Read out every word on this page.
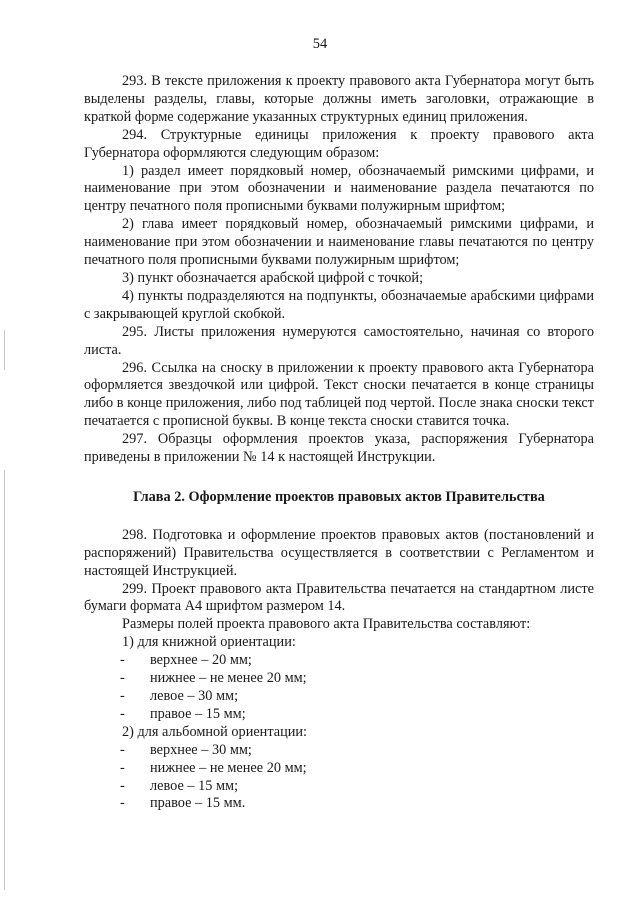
54

293. В тексте приложения к проекту правового акта Губернатора могут быть выделены разделы, главы, которые должны иметь заголовки, отражающие в краткой форме содержание указанных структурных единиц приложения.

294. Структурные единицы приложения к проекту правового акта Губернатора оформляются следующим образом:

1) раздел имеет порядковый номер, обозначаемый римскими цифрами, и наименование при этом обозначении и наименование раздела печатаются по центру печатного поля прописными буквами полужирным шрифтом;

2) глава имеет порядковый номер, обозначаемый римскими цифрами, и наименование при этом обозначении и наименование главы печатаются по центру печатного поля прописными буквами полужирным шрифтом;

3) пункт обозначается арабской цифрой с точкой;

4) пункты подразделяются на подпункты, обозначаемые арабскими цифрами с закрывающей круглой скобкой.

295. Листы приложения нумеруются самостоятельно, начиная со второго листа.

296. Ссылка на сноску в приложении к проекту правового акта Губернатора оформляется звездочкой или цифрой. Текст сноски печатается в конце страницы либо в конце приложения, либо под таблицей под чертой. После знака сноски текст печатается с прописной буквы. В конце текста сноски ставится точка.

297. Образцы оформления проектов указа, распоряжения Губернатора приведены в приложении № 14 к настоящей Инструкции.

Глава 2. Оформление проектов правовых актов Правительства

298. Подготовка и оформление проектов правовых актов (постановлений и распоряжений) Правительства осуществляется в соответствии с Регламентом и настоящей Инструкцией.

299. Проект правового акта Правительства печатается на стандартном листе бумаги формата А4 шрифтом размером 14.

Размеры полей проекта правового акта Правительства составляют:

1) для книжной ориентации:

- верхнее – 20 мм;

- нижнее – не менее 20 мм;

- левое – 30 мм;

- правое – 15 мм;

2) для альбомной ориентации:

- верхнее – 30 мм;

- нижнее – не менее 20 мм;

- левое – 15 мм;

- правое – 15 мм.
